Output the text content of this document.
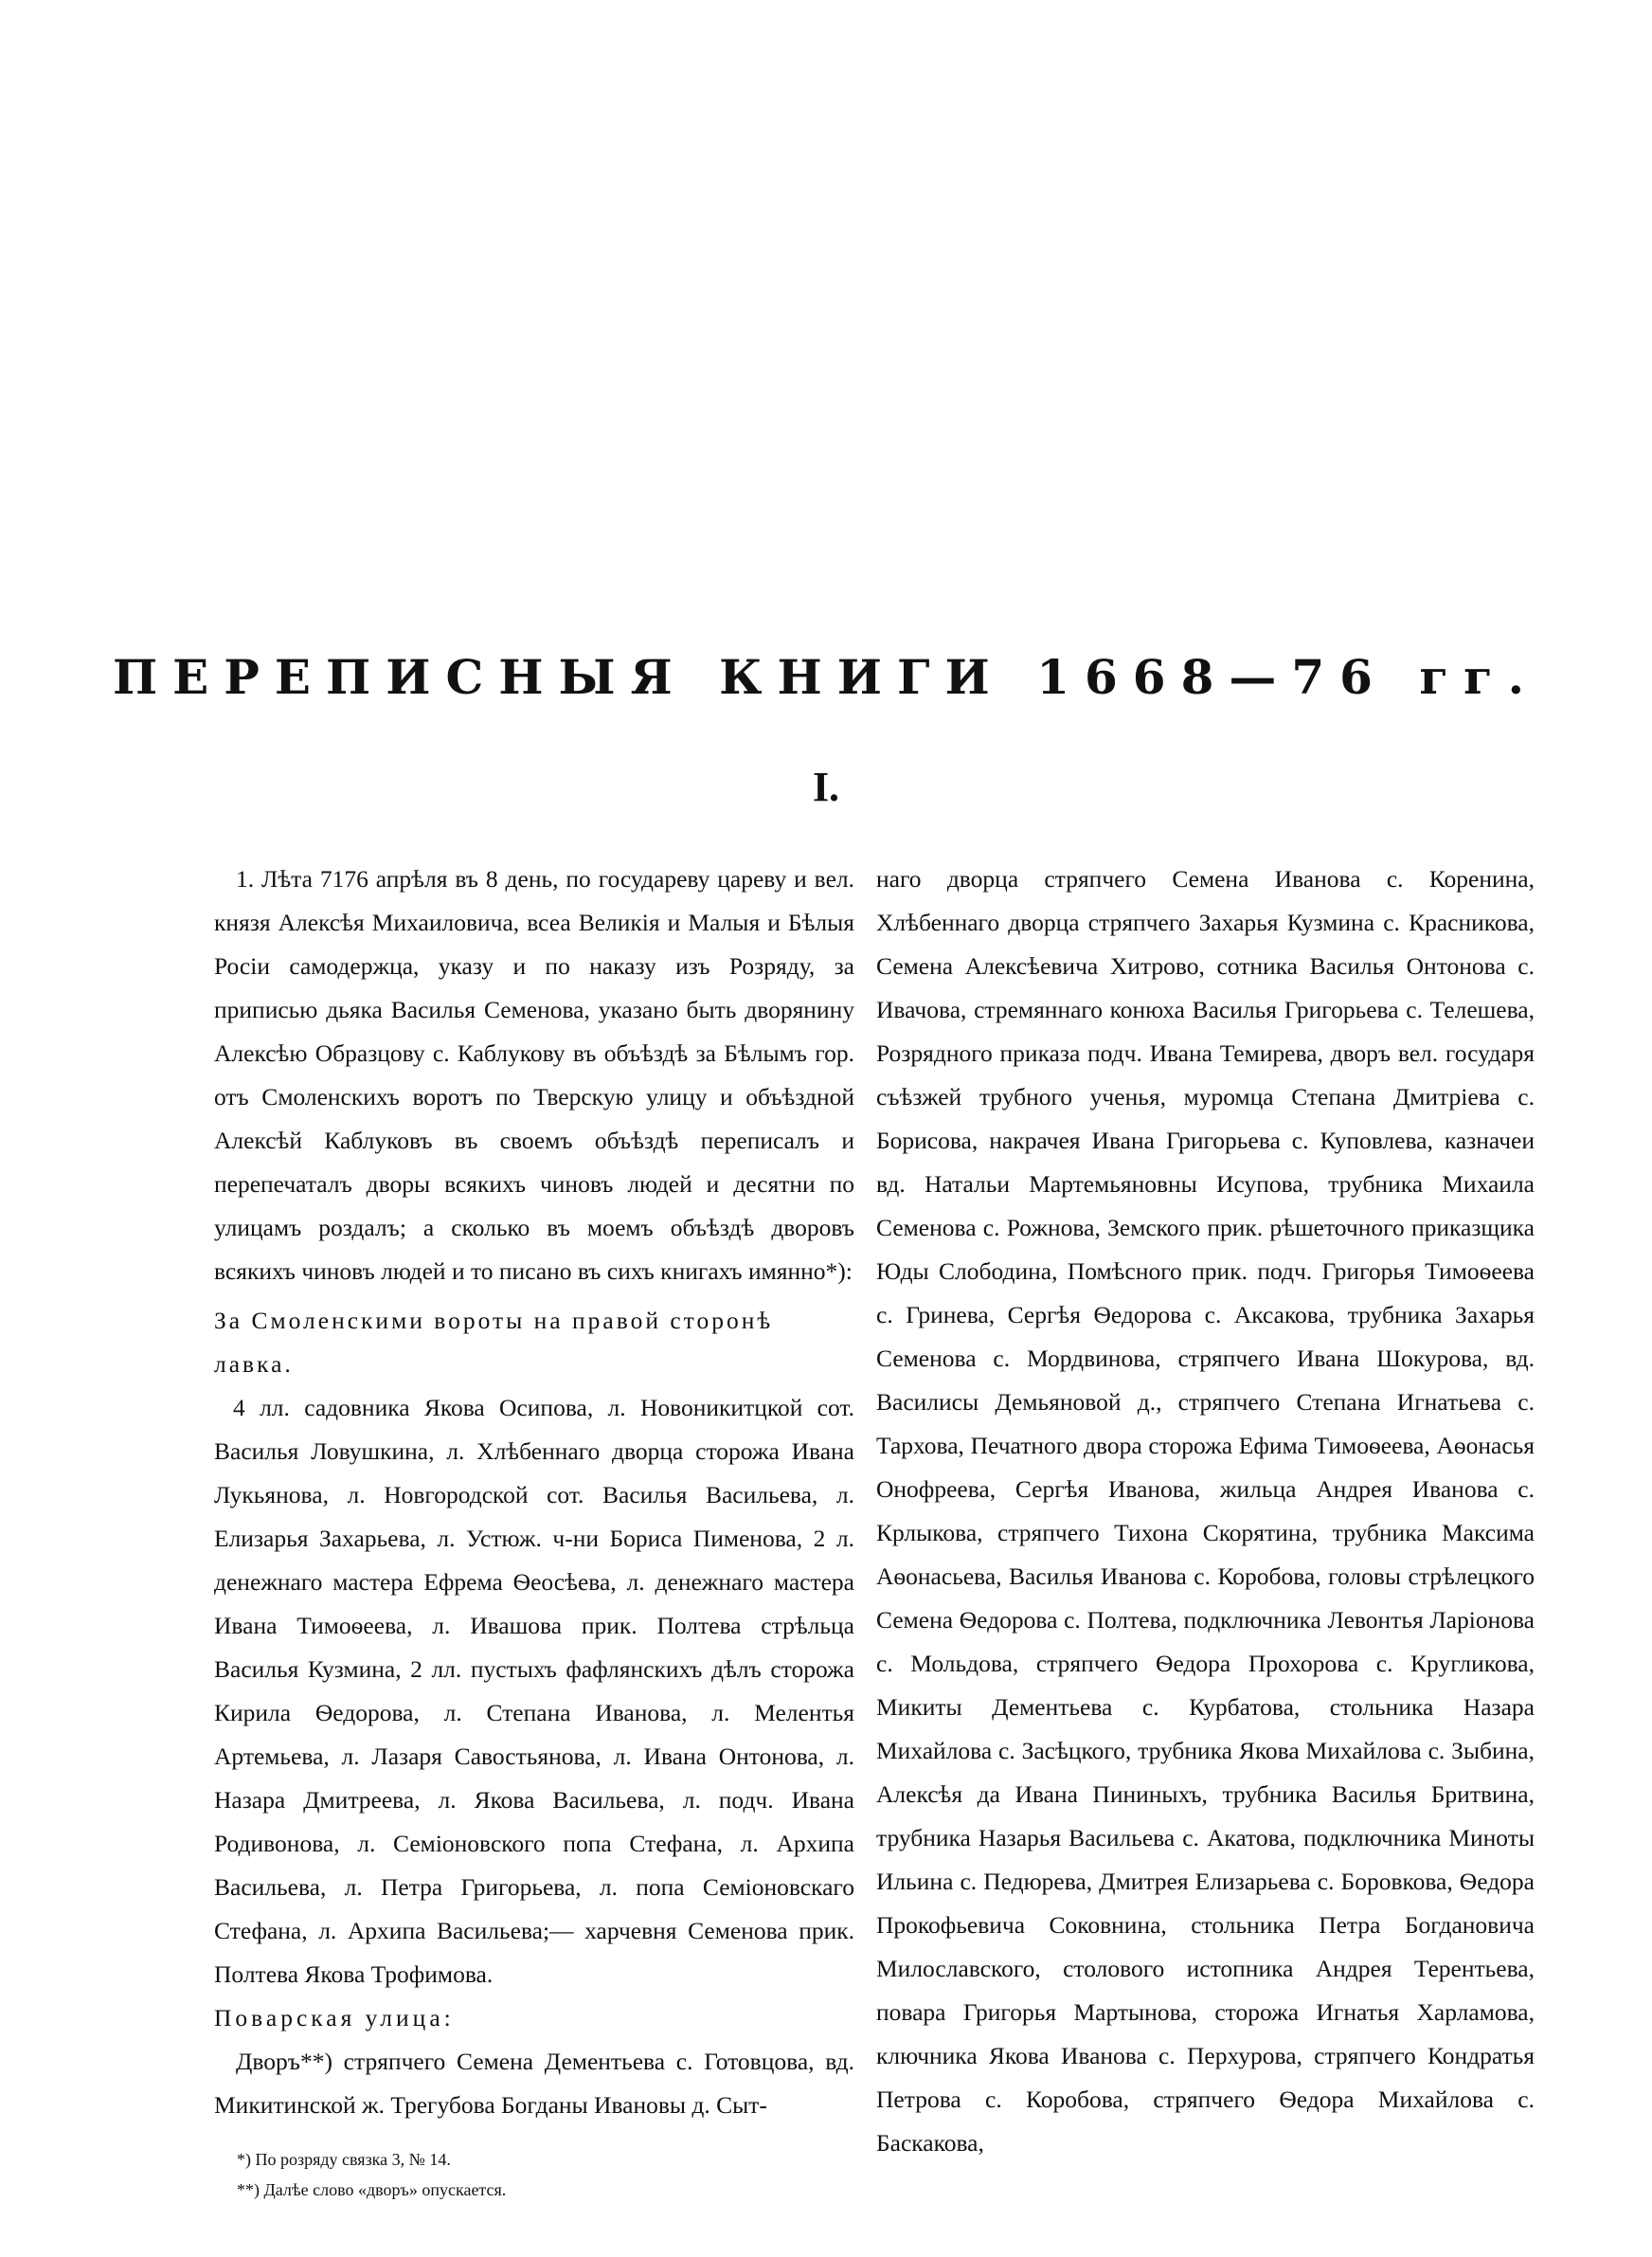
ПЕРЕПИСНЫЯ КНИГИ 1668—76 гг.
I.

1. Лѣта 7176 апрѣля въ 8 день, по государеву цареву и вел. князя Алексѣя Михаиловича, всеа Великія и Малыя и Бѣлыя Росіи самодержца, указу и по наказу изъ Розряду, за приписью дьяка Василья Семенова, указано быть дворянину Алексѣю Образцову с. Каблукову въ объѣздѣ за Бѣлымъ гор. отъ Смоленскихъ воротъ по Тверскую улицу и объѣздной Алексѣй Каблуковъ въ своемъ объѣздѣ переписалъ и перепечаталъ дворы всякихъ чиновъ людей и десятни по улицамъ роздалъ; а сколько въ моемъ объѣздѣ дворовъ всякихъ чиновъ людей и то писано въ сихъ книгахъ имянно*):

За Смоленскими вороты на правой сторонѣ

лавка.

4 лл. садовника Якова Осипова, л. Новоникитцкой сот. Василья Ловушкина, л. Хлѣбеннаго дворца сторожа Ивана Лукьянова, л. Новгородской сот. Василья Васильева, л. Елизарья Захарьева, л. Устюж. ч-ни Бориса Пименова, 2 л. денежнаго мастера Ефрема Ѳеосѣева, л. денежнаго мастера Ивана Тимоѳеева, л. Ивашова прик. Полтева стрѣльца Василья Кузмина, 2 лл. пустыхъ фафлянскихъ дѣлъ сторожа Кирила Ѳедорова, л. Степана Иванова, л. Мелентья Артемьева, л. Лазаря Савостьянова, л. Ивана Онтонова, л. Назара Дмитреева, л. Якова Васильева, л. подч. Ивана Родивонова, л. Семіоновского попа Стефана, л. Архипа Васильева, л. Петра Григорьева, л. попа Семіоновскаго Стефана, л. Архипа Васильева;— харчевня Семенова прик. Полтева Якова Трофимова.

Поварская улица:

Дворъ**) стряпчего Семена Дементьева с. Готовцова, вд. Микитинской ж. Трегубова Богданы Ивановы д. Сыт-

*) По розряду связка 3, № 14.
**) Далѣе слово «дворъ» опускается.

наго дворца стряпчего Семена Иванова с. Коренина, Хлѣбеннаго дворца стряпчего Захарья Кузмина с. Красникова, Семена Алексѣевича Хитрово, сотника Василья Онтонова с. Ивачова, стремяннаго конюха Василья Григорьева с. Телешева, Розрядного приказа подч. Ивана Темирева, дворъ вел. государя съѣзжей трубного ученья, муромца Степана Дмитріева с. Борисова, накрачея Ивана Григорьева с. Куповлева, казначеи вд. Натальи Мартемьяновны Исупова, трубника Михаила Семенова с. Рожнова, Земского прик. рѣшеточного приказщика Юды Слободина, Помѣсного прик. подч. Григорья Тимоѳеева с. Гринева, Сергѣя Ѳедорова с. Аксакова, трубника Захарья Семенова с. Мордвинова, стряпчего Ивана Шокурова, вд. Василисы Демьяновой д., стряпчего Степана Игнатьева с. Тархова, Печатного двора сторожа Ефима Тимоѳеева, Аѳонасья Онофреева, Сергѣя Иванова, жильца Андрея Иванова с. Крлыкова, стряпчего Тихона Скорятина, трубника Максима Аѳонасьева, Василья Иванова с. Коробова, головы стрѣлецкого Семена Ѳедорова с. Полтева, подключника Левонтья Ларіонова с. Мольдова, стряпчего Ѳедора Прохорова с. Кругликова, Микиты Дементьева с. Курбатова, стольника Назара Михайлова с. Засѣцкого, трубника Якова Михайлова с. Зыбина, Алексѣя да Ивана Пининыхъ, трубника Василья Бритвина, трубника Назарья Васильева с. Акатова, подключника Миноты Ильина с. Педюрева, Дмитрея Елизарьева с. Боровкова, Ѳедора Прокофьевича Соковнина, стольника Петра Богдановича Милославского, столового истопника Андрея Терентьева, повара Григорья Мартынова, сторожа Игнатья Харламова, ключника Якова Иванова с. Перхурова, стряпчего Кондратья Петрова с. Коробова, стряпчего Ѳедора Михайлова с. Баскакова,
